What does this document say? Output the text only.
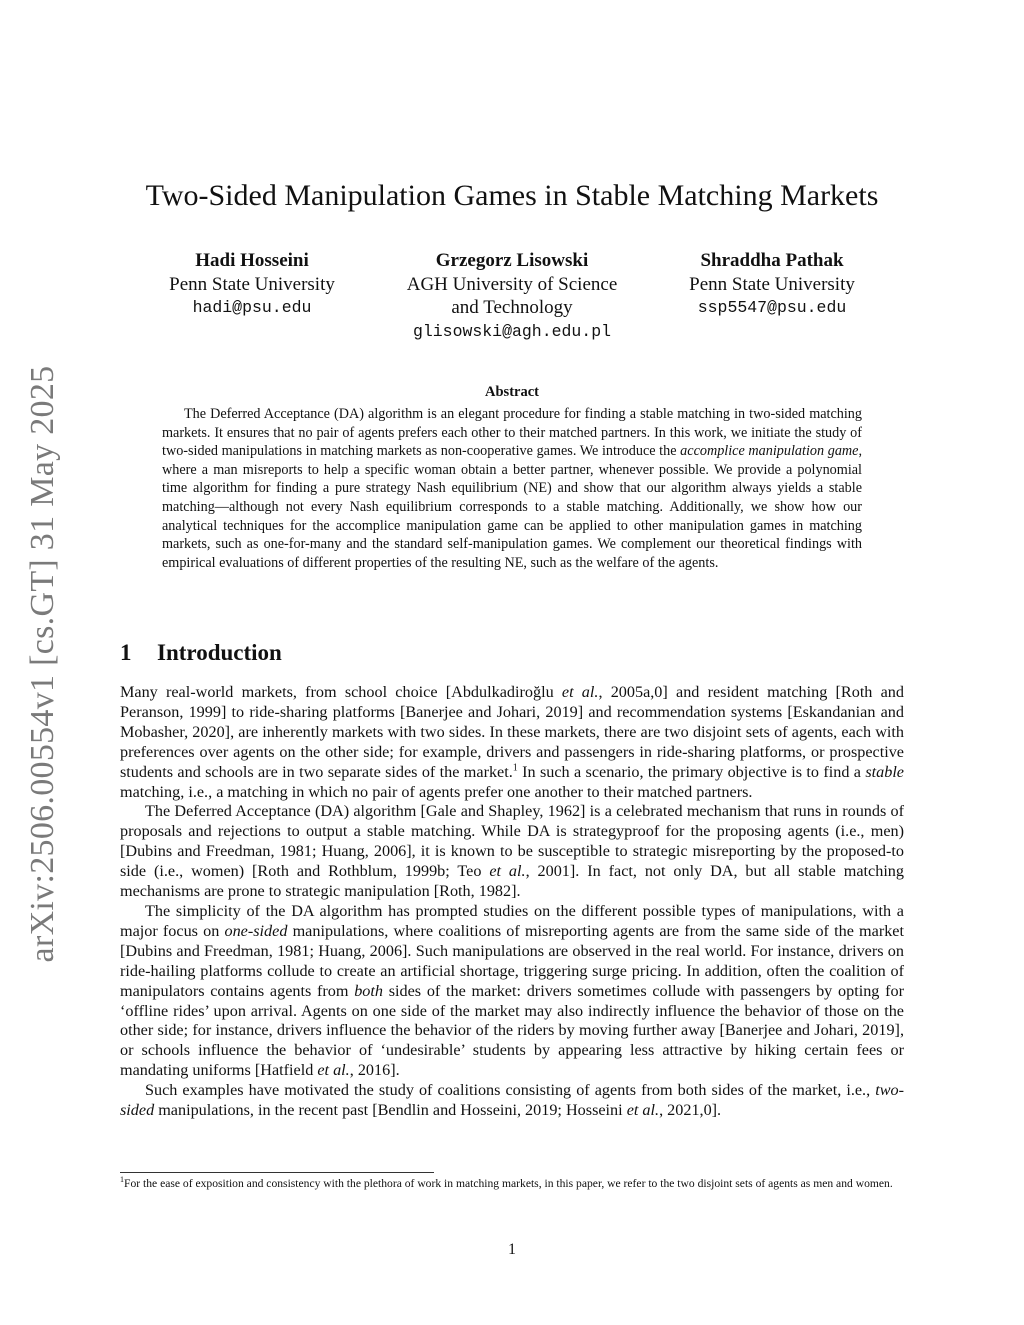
arXiv:2506.00554v1 [cs.GT] 31 May 2025
Two-Sided Manipulation Games in Stable Matching Markets
Hadi Hosseini
Penn State University
hadi@psu.edu
Grzegorz Lisowski
AGH University of Science
and Technology
glisowski@agh.edu.pl
Shraddha Pathak
Penn State University
ssp5547@psu.edu
Abstract

The Deferred Acceptance (DA) algorithm is an elegant procedure for finding a stable matching in two-sided matching markets. It ensures that no pair of agents prefers each other to their matched partners. In this work, we initiate the study of two-sided manipulations in matching markets as non-cooperative games. We introduce the accomplice manipulation game, where a man misreports to help a specific woman obtain a better partner, whenever possible. We provide a polynomial time algorithm for finding a pure strategy Nash equilibrium (NE) and show that our algorithm always yields a stable matching—although not every Nash equilibrium corresponds to a stable matching. Additionally, we show how our analytical techniques for the accomplice manipulation game can be applied to other manipulation games in matching markets, such as one-for-many and the standard self-manipulation games. We complement our theoretical findings with empirical evaluations of different properties of the resulting NE, such as the welfare of the agents.

1 Introduction

Many real-world markets, from school choice [Abdulkadiroğlu et al., 2005a,0] and resident matching [Roth and Peranson, 1999] to ride-sharing platforms [Banerjee and Johari, 2019] and recommendation systems [Eskandanian and Mobasher, 2020], are inherently markets with two sides. In these markets, there are two disjoint sets of agents, each with preferences over agents on the other side; for example, drivers and passengers in ride-sharing platforms, or prospective students and schools are in two separate sides of the market.$^1$ In such a scenario, the primary objective is to find a stable matching, i.e., a matching in which no pair of agents prefer one another to their matched partners.

The Deferred Acceptance (DA) algorithm [Gale and Shapley, 1962] is a celebrated mechanism that runs in rounds of proposals and rejections to output a stable matching. While DA is strategyproof for the proposing agents (i.e., men) [Dubins and Freedman, 1981; Huang, 2006], it is known to be susceptible to strategic misreporting by the proposed-to side (i.e., women) [Roth and Rothblum, 1999b; Teo et al., 2001]. In fact, not only DA, but all stable matching mechanisms are prone to strategic manipulation [Roth, 1982].

The simplicity of the DA algorithm has prompted studies on the different possible types of manipulations, with a major focus on one-sided manipulations, where coalitions of misreporting agents are from the same side of the market [Dubins and Freedman, 1981; Huang, 2006]. Such manipulations are observed in the real world. For instance, drivers on ride-hailing platforms collude to create an artificial shortage, triggering surge pricing. In addition, often the coalition of manipulators contains agents from both sides of the market: drivers sometimes collude with passengers by opting for ‘offline rides’ upon arrival. Agents on one side of the market may also indirectly influence the behavior of those on the other side; for instance, drivers influence the behavior of the riders by moving further away [Banerjee and Johari, 2019], or schools influence the behavior of ‘undesirable’ students by appearing less attractive by hiking certain fees or mandating uniforms [Hatfield et al., 2016].

Such examples have motivated the study of coalitions consisting of agents from both sides of the market, i.e., two-sided manipulations, in the recent past [Bendlin and Hosseini, 2019; Hosseini et al., 2021,0].

$^1$For the ease of exposition and consistency with the plethora of work in matching markets, in this paper, we refer to the two disjoint sets of agents as men and women.

1
